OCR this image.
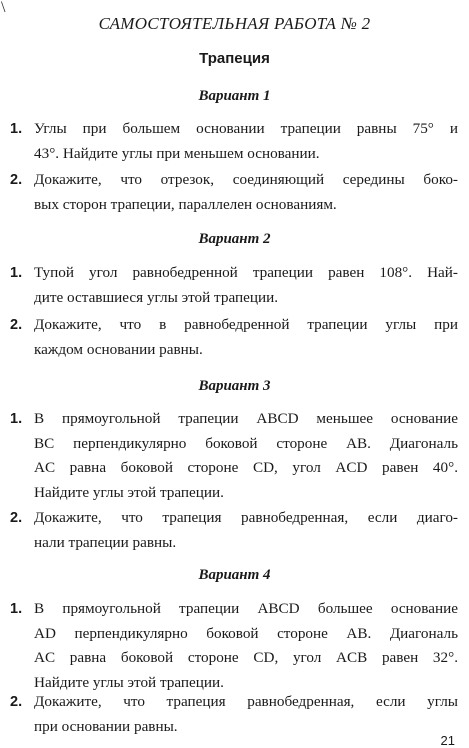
\
САМОСТОЯТЕЛЬНАЯ РАБОТА № 2
Трапеция
Вариант 1
1. Углы при большем основании трапеции равны 75° и
43°. Найдите углы при меньшем основании.
2. Докажите, что отрезок, соединяющий середины боко-
вых сторон трапеции, параллелен основаниям.
Вариант 2
1. Тупой угол равнобедренной трапеции равен 108°. Най-
дите оставшиеся углы этой трапеции.
2. Докажите, что в равнобедренной трапеции углы при
каждом основании равны.
Вариант 3
1. В прямоугольной трапеции ABCD меньшее основание
BC перпендикулярно боковой стороне AB. Диагональ
AC равна боковой стороне CD, угол ACD равен 40°.
Найдите углы этой трапеции.
2. Докажите, что трапеция равнобедренная, если диаго-
нали трапеции равны.
Вариант 4
1. В прямоугольной трапеции ABCD большее основание
AD перпендикулярно боковой стороне AB. Диагональ
AC равна боковой стороне CD, угол ACB равен 32°.
Найдите углы этой трапеции.
2. Докажите, что трапеция равнобедренная, если углы
при основании равны.
21
